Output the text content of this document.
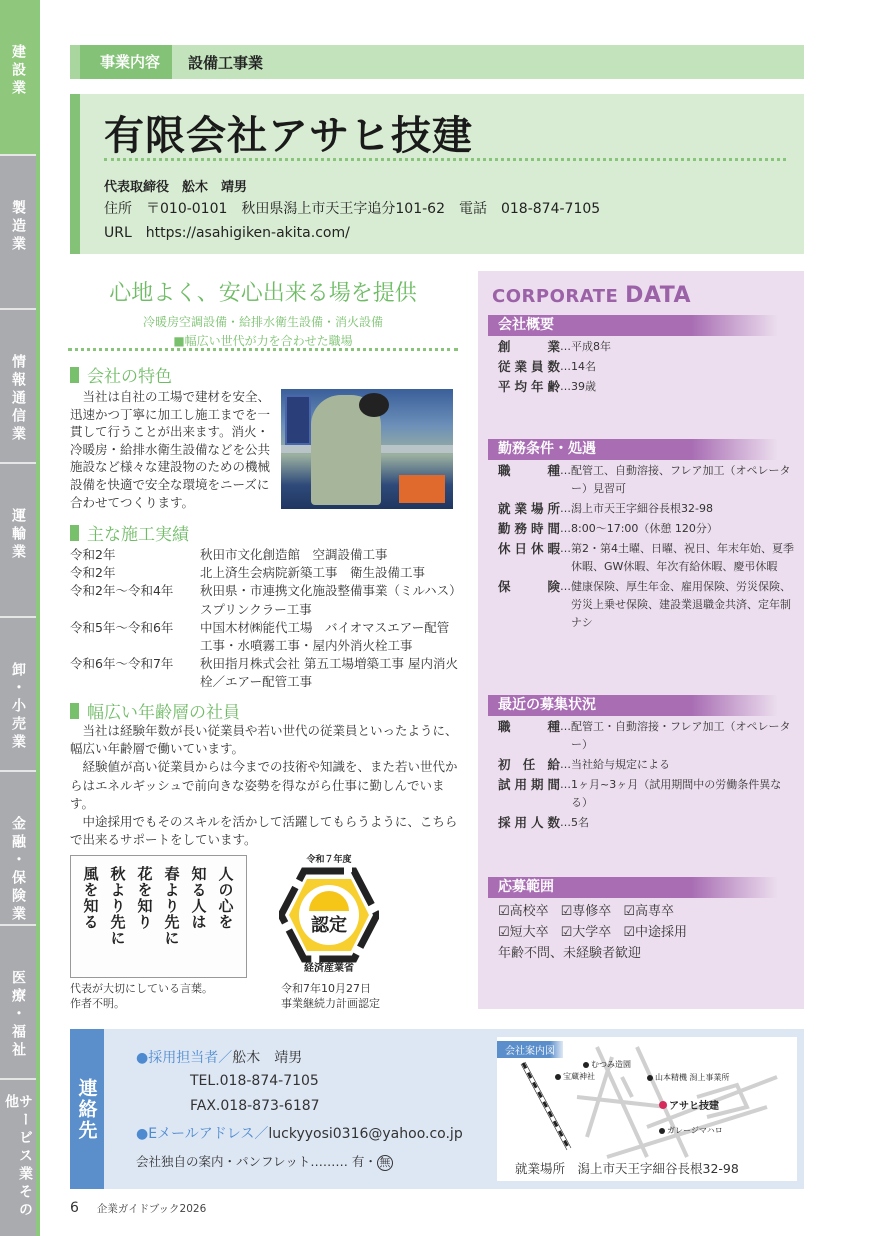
建設業
製造業
情報通信業
運輸業
卸・小売業
金融・保険業
医療・福祉
サービス業その他
事業内容	設備工事業
有限会社アサヒ技建
代表取締役　舩木　靖男
住所　〒010-0101　秋田県潟上市天王字追分101-62　電話　018-874-7105
URL　https://asahigiken-akita.com/
心地よく、安心出来る場を提供
冷暖房空調設備・給排水衛生設備・消火設備
■幅広い世代が力を合わせた職場
会社の特色
当社は自社の工場で建材を安全、迅速かつ丁寧に加工し施工までを一貫して行うことが出来ます。消火・冷暖房・給排水衛生設備などを公共施設など様々な建設物のための機械設備を快適で安全な環境をニーズに合わせてつくります。
主な施工実績
令和2年	秋田市文化創造館　空調設備工事
令和2年	北上済生会病院新築工事　衛生設備工事
令和2年～令和4年	秋田県・市連携文化施設整備事業（ミルハス）スプリンクラー工事
令和5年～令和6年	中国木材㈱能代工場　バイオマスエアー配管工事・水噴霧工事・屋内外消火栓工事
令和6年～令和7年	秋田指月株式会社 第五工場増築工事 屋内消火栓／エアー配管工事
幅広い年齢層の社員

当社は経験年数が長い従業員や若い世代の従業員といったように、幅広い年齢層で働いています。

経験値が高い従業員からは今までの技術や知識を、また若い世代からはエネルギッシュで前向きな姿勢を得ながら仕事に勤しんでいます。

中途採用でもそのスキルを活かして活躍してもらうように、こちらで出来るサポートをしています。

人の心を
知る人は
春より先に
花を知り
秋より先に
風を知る
代表が大切にしている言葉。
作者不明。
令和７年度
認定
経済産業省
令和7年10月27日
事業継続力計画認定
CORPORATE DATA
会社概要
創業 … 平成8年
従業員数 … 14名
平均年齢 … 39歳
勤務条件・処遇
職種 … 配管工、自動溶接、フレア加工（オペレーター）見習可
就業場所 … 潟上市天王字細谷長根32-98
勤務時間 … 8:00～17:00（休憩 120分）
休日休暇 … 第2・第4土曜、日曜、祝日、年末年始、夏季休暇、GW休暇、年次有給休暇、慶弔休暇
保険 … 健康保険、厚生年金、雇用保険、労災保険、労災上乗せ保険、建設業退職金共済、定年制ナシ
最近の募集状況
職種 … 配管工・自動溶接・フレア加工（オペレーター）
初任給 … 当社給与規定による
試用期間 … 1ヶ月~3ヶ月（試用期間中の労働条件異なる）
採用人数 … 5名
応募範囲
☑高校卒 ☑専修卒 ☑高専卒
☑短大卒 ☑大学卒 ☑中途採用
年齢不問、未経験者歓迎
連絡先
●採用担当者／舩木　靖男
TEL.018-874-7105
FAX.018-873-6187
●Eメールアドレス／luckyyosi0316@yahoo.co.jp
会社独自の案内・パンフレット……… 有・ 無
会社案内図
むつみ造園
宝蔵神社	山本精機 潟上事業所
アサヒ技建
ガレージマハロ
就業場所　潟上市天王字細谷長根32-98
6 企業ガイドブック2026
